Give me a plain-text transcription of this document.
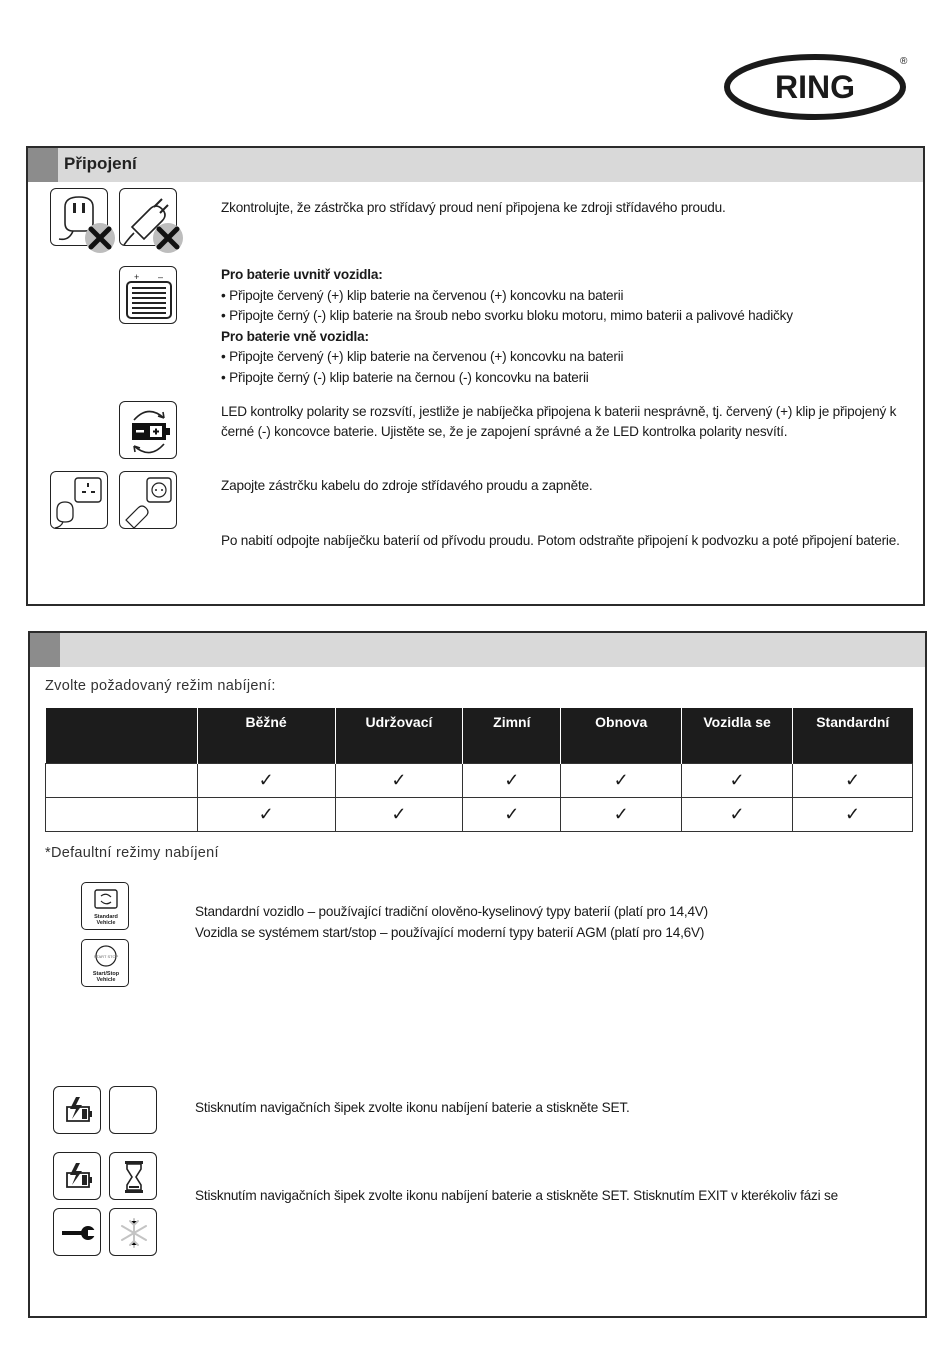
RING
®
Připojení
Zkontrolujte, že zástrčka pro střídavý proud není připojena ke zdroji střídavého proudu.
+ –	Pro baterie uvnitř vozidla:
• Připojte červený (+) klip baterie na červenou (+) koncovku na baterii
• Připojte černý (-) klip baterie na šroub nebo svorku bloku motoru, mimo baterii a palivové hadičky
Pro baterie vně vozidla:
• Připojte červený (+) klip baterie na červenou (+) koncovku na baterii
• Připojte černý (-) klip baterie na černou (-) koncovku na baterii
LED kontrolky polarity se rozsvítí, jestliže je nabíječka připojena k baterii nesprávně, tj. červený (+) klip je připojený k
černé (-) koncovce baterie. Ujistěte se, že je zapojení správné a že LED kontrolka polarity nesvítí.
Zapojte zástrčku kabelu do zdroje střídavého proudu a zapněte.
Po nabití odpojte nabíječku baterií od přívodu proudu. Potom odstraňte připojení k podvozku a poté připojení baterie.
Zvolte požadovaný režim nabíjení:
	Běžné	Udržovací	Zimní	Obnova	Vozidla se	Standardní
	✓	✓	✓	✓	✓	✓
	✓	✓	✓	✓	✓	✓
*Defaultní režimy nabíjení
Standard
Vehicle
START STOP
Start/Stop
Vehicle
Standardní vozidlo – používající tradiční olověno-kyselinový typy baterií (platí pro 14,4V)
Vozidla se systémem start/stop – používající moderní typy baterií AGM (platí pro 14,6V)
Stisknutím navigačních šipek zvolte ikonu nabíjení baterie a stiskněte SET.
Stisknutím navigačních šipek zvolte ikonu nabíjení baterie a stiskněte SET. Stisknutím EXIT v kterékoliv fázi se
